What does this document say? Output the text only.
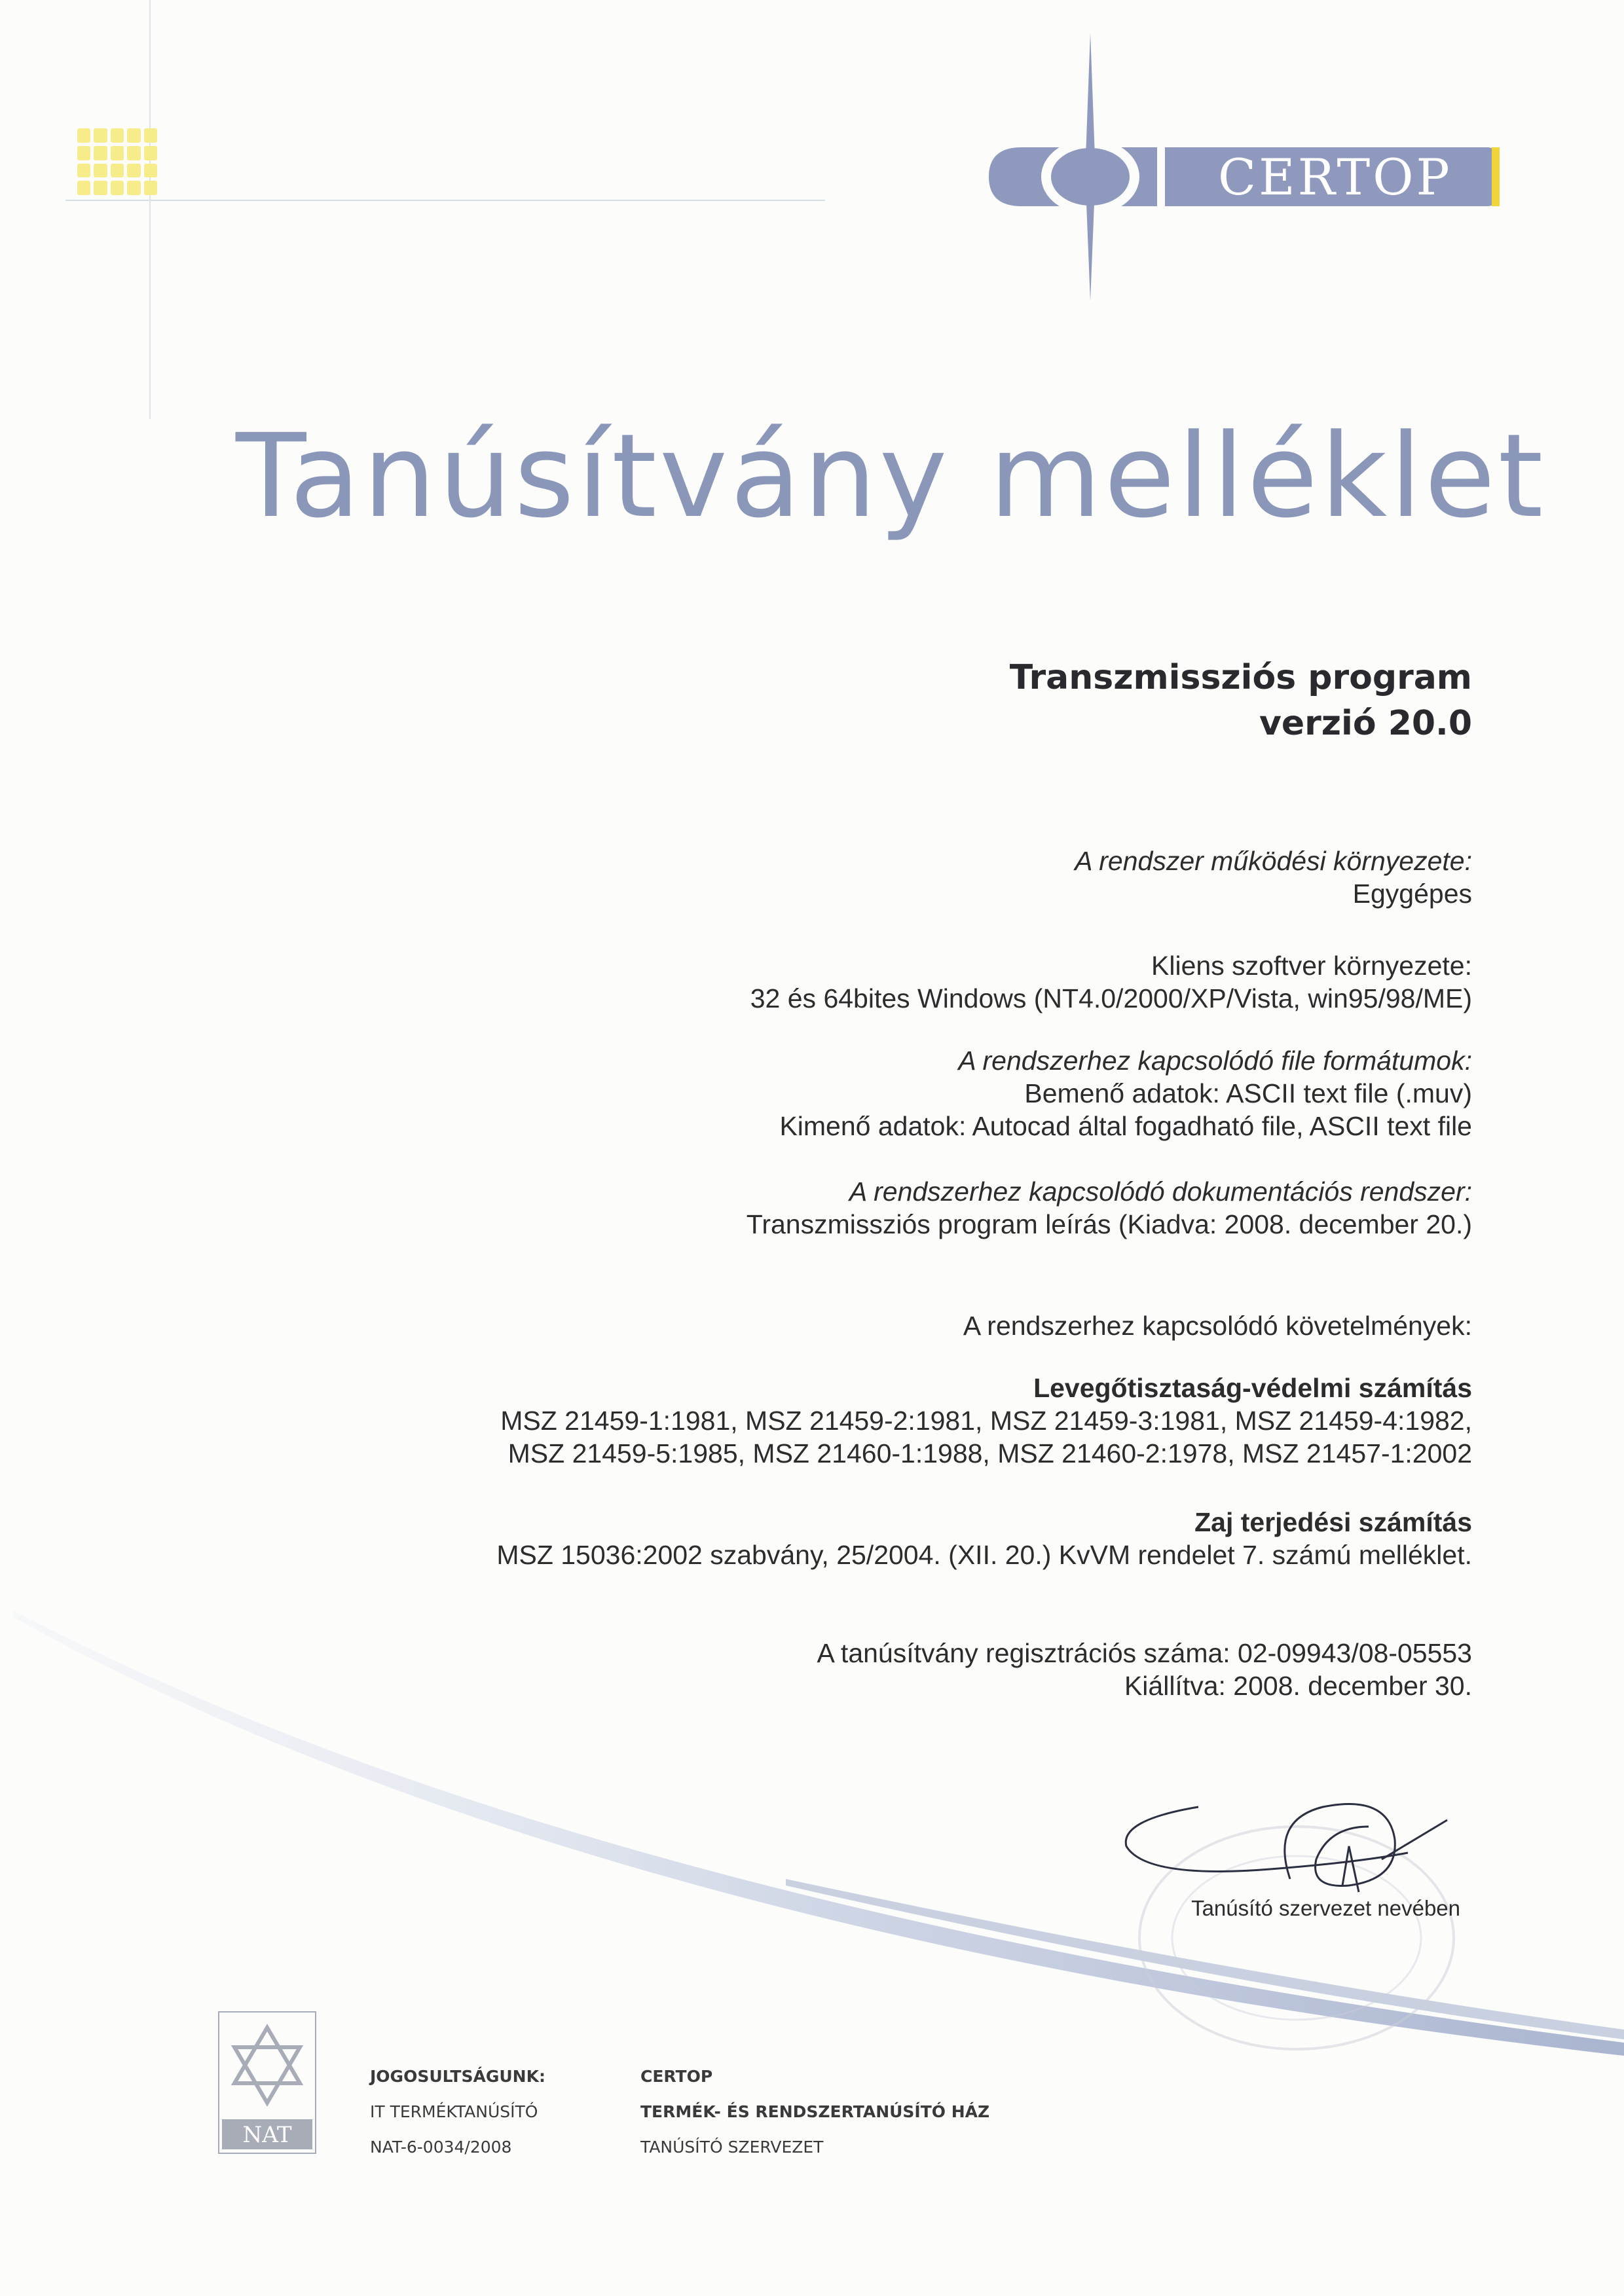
CERTOP
Tanúsítvány melléklet
Transzmissziós program
verzió 20.0
A rendszer működési környezete:
Egygépes
Kliens szoftver környezete:
32 és 64bites Windows (NT4.0/2000/XP/Vista, win95/98/ME)
A rendszerhez kapcsolódó file formátumok:
Bemenő adatok: ASCII text file (.muv)
Kimenő adatok: Autocad által fogadható file, ASCII text file
A rendszerhez kapcsolódó dokumentációs rendszer:
Transzmissziós program leírás (Kiadva: 2008. december 20.)
A rendszerhez kapcsolódó követelmények:
Levegőtisztaság-védelmi számítás
MSZ 21459-1:1981, MSZ 21459-2:1981, MSZ 21459-3:1981, MSZ 21459-4:1982,
MSZ 21459-5:1985, MSZ 21460-1:1988, MSZ 21460-2:1978, MSZ 21457-1:2002
Zaj terjedési számítás
MSZ 15036:2002 szabvány, 25/2004. (XII. 20.) KvVM rendelet 7. számú melléklet.
A tanúsítvány regisztrációs száma: 02-09943/08-05553
Kiállítva: 2008. december 30.
Tanúsító szervezet nevében
NAT
JOGOSULTSÁGUNK:
IT TERMÉKTANÚSÍTÓ
NAT-6-0034/2008
CERTOP
TERMÉK- ÉS RENDSZERTANÚSÍTÓ HÁZ
TANÚSÍTÓ SZERVEZET
